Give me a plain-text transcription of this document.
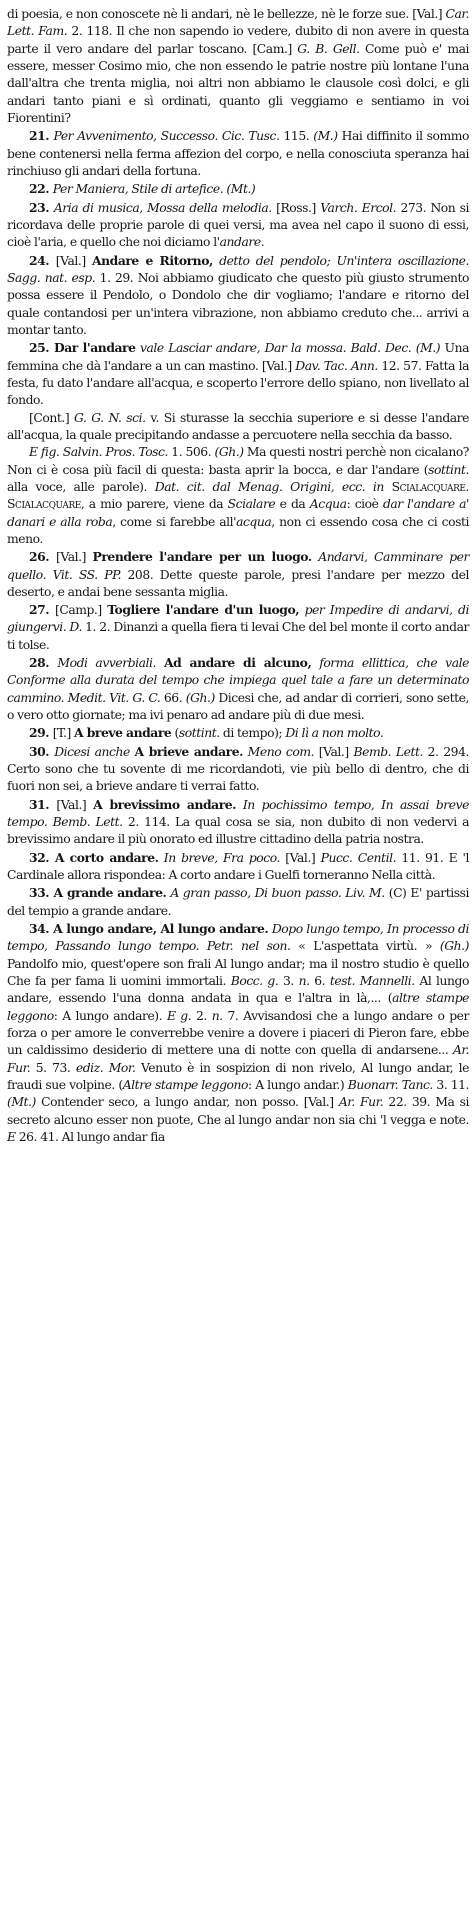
di poesia, e non conoscete nè li andari, nè le bellezze, nè le forze sue. [Val.] Car. Lett. Fam. 2. 118. Il che non sapendo io vedere, dubito di non avere in questa parte il vero andare del parlar toscano. [Cam.] G. B. Gell. Come può e' mai essere, messer Cosimo mio, che non essendo le patrie nostre più lontane l'una dall'altra che trenta miglia, noi altri non abbiamo le clausole così dolci, e gli andari tanto piani e sì ordinati, quanto gli veggiamo e sentiamo in voi Fiorentini?

21. Per Avvenimento, Successo. Cic. Tusc. 115. (M.) Hai diffinito il sommo bene contenersi nella ferma affezion del corpo, e nella conosciuta speranza hai rinchiuso gli andari della fortuna.

22. Per Maniera, Stile di artefice. (Mt.)

23. Aria di musica, Mossa della melodia. [Ross.] Varch. Ercol. 273. Non si ricordava delle proprie parole di quei versi, ma avea nel capo il suono di essi, cioè l'aria, e quello che noi diciamo l'andare.

24. [Val.] Andare e Ritorno, detto del pendolo; Un'intera oscillazione. Sagg. nat. esp. 1. 29. Noi abbiamo giudicato che questo più giusto strumento possa essere il Pendolo, o Dondolo che dir vogliamo; l'andare e ritorno del quale contandosi per un'intera vibrazione, non abbiamo creduto che... arrivi a montar tanto.

25. Dar l'andare vale Lasciar andare, Dar la mossa. Bald. Dec. (M.) Una femmina che dà l'andare a un can mastino. [Val.] Dav. Tac. Ann. 12. 57. Fatta la festa, fu dato l'andare all'acqua, e scoperto l'errore dello spiano, non livellato al fondo.

[Cont.] G. G. N. sci. v. Si sturasse la secchia superiore e si desse l'andare all'acqua, la quale precipitando andasse a percuotere nella secchia da basso.

E fig. Salvin. Pros. Tosc. 1. 506. (Gh.) Ma questi nostri perchè non cicalano? Non ci è cosa più facil di questa: basta aprir la bocca, e dar l'andare (sottint. alla voce, alle parole). Dat. cit. dal Menag. Origini, ecc. in Scialacquare. Scialacquare, a mio parere, viene da Scialare e da Acqua: cioè dar l'andare a' danari e alla roba, come si farebbe all'acqua, non ci essendo cosa che ci costi meno.

26. [Val.] Prendere l'andare per un luogo. Andarvi, Camminare per quello. Vit. SS. PP. 208. Dette queste parole, presi l'andare per mezzo del deserto, e andai bene sessanta miglia.

27. [Camp.] Togliere l'andare d'un luogo, per Impedire di andarvi, di giungervi. D. 1. 2. Dinanzi a quella fiera ti levai Che del bel monte il corto andar ti tolse.

28. Modi avverbiali. Ad andare di alcuno, forma ellittica, che vale Conforme alla durata del tempo che impiega quel tale a fare un determinato cammino. Medit. Vit. G. C. 66. (Gh.) Dicesi che, ad andar di corrieri, sono sette, o vero otto giornate; ma ivi penaro ad andare più di due mesi.

29. [T.] A breve andare (sottint. di tempo); Di lì a non molto.

30. Dicesi anche A brieve andare. Meno com. [Val.] Bemb. Lett. 2. 294. Certo sono che tu sovente di me ricordandoti, vie più bello di dentro, che di fuori non sei, a brieve andare ti verrai fatto.

31. [Val.] A brevissimo andare. In pochissimo tempo, In assai breve tempo. Bemb. Lett. 2. 114. La qual cosa se sia, non dubito di non vedervi a brevissimo andare il più onorato ed illustre cittadino della patria nostra.

32. A corto andare. In breve, Fra poco. [Val.] Pucc. Centil. 11. 91. E 'l Cardinale allora rispondea: A corto andare i Guelfi torneranno Nella città.

33. A grande andare. A gran passo, Di buon passo. Liv. M. (C) E' partissi del tempio a grande andare.

34. A lungo andare, Al lungo andare. Dopo lungo tempo, In processo di tempo, Passando lungo tempo. Petr. nel son. « L'aspettata virtù. » (Gh.) Pandolfo mio, quest'opere son frali Al lungo andar; ma il nostro studio è quello Che fa per fama li uomini immortali. Bocc. g. 3. n. 6. test. Mannelli. Al lungo andare, essendo l'una donna andata in qua e l'altra in là,... (altre stampe leggono: A lungo andare). E g. 2. n. 7. Avvisandosi che a lungo andare o per forza o per amore le converrebbe venire a dovere i piaceri di Pieron fare, ebbe un caldissimo desiderio di mettere una di notte con quella di andarsene... Ar. Fur. 5. 73. ediz. Mor. Venuto è in sospizion di non rivelo, Al lungo andar, le fraudi sue volpine. (Altre stampe leggono: A lungo andar.) Buonarr. Tanc. 3. 11. (Mt.) Contender seco, a lungo andar, non posso. [Val.] Ar. Fur. 22. 39. Ma si secreto alcuno esser non puote, Che al lungo andar non sia chi 'l vegga e note. E 26. 41. Al lungo andar fia
